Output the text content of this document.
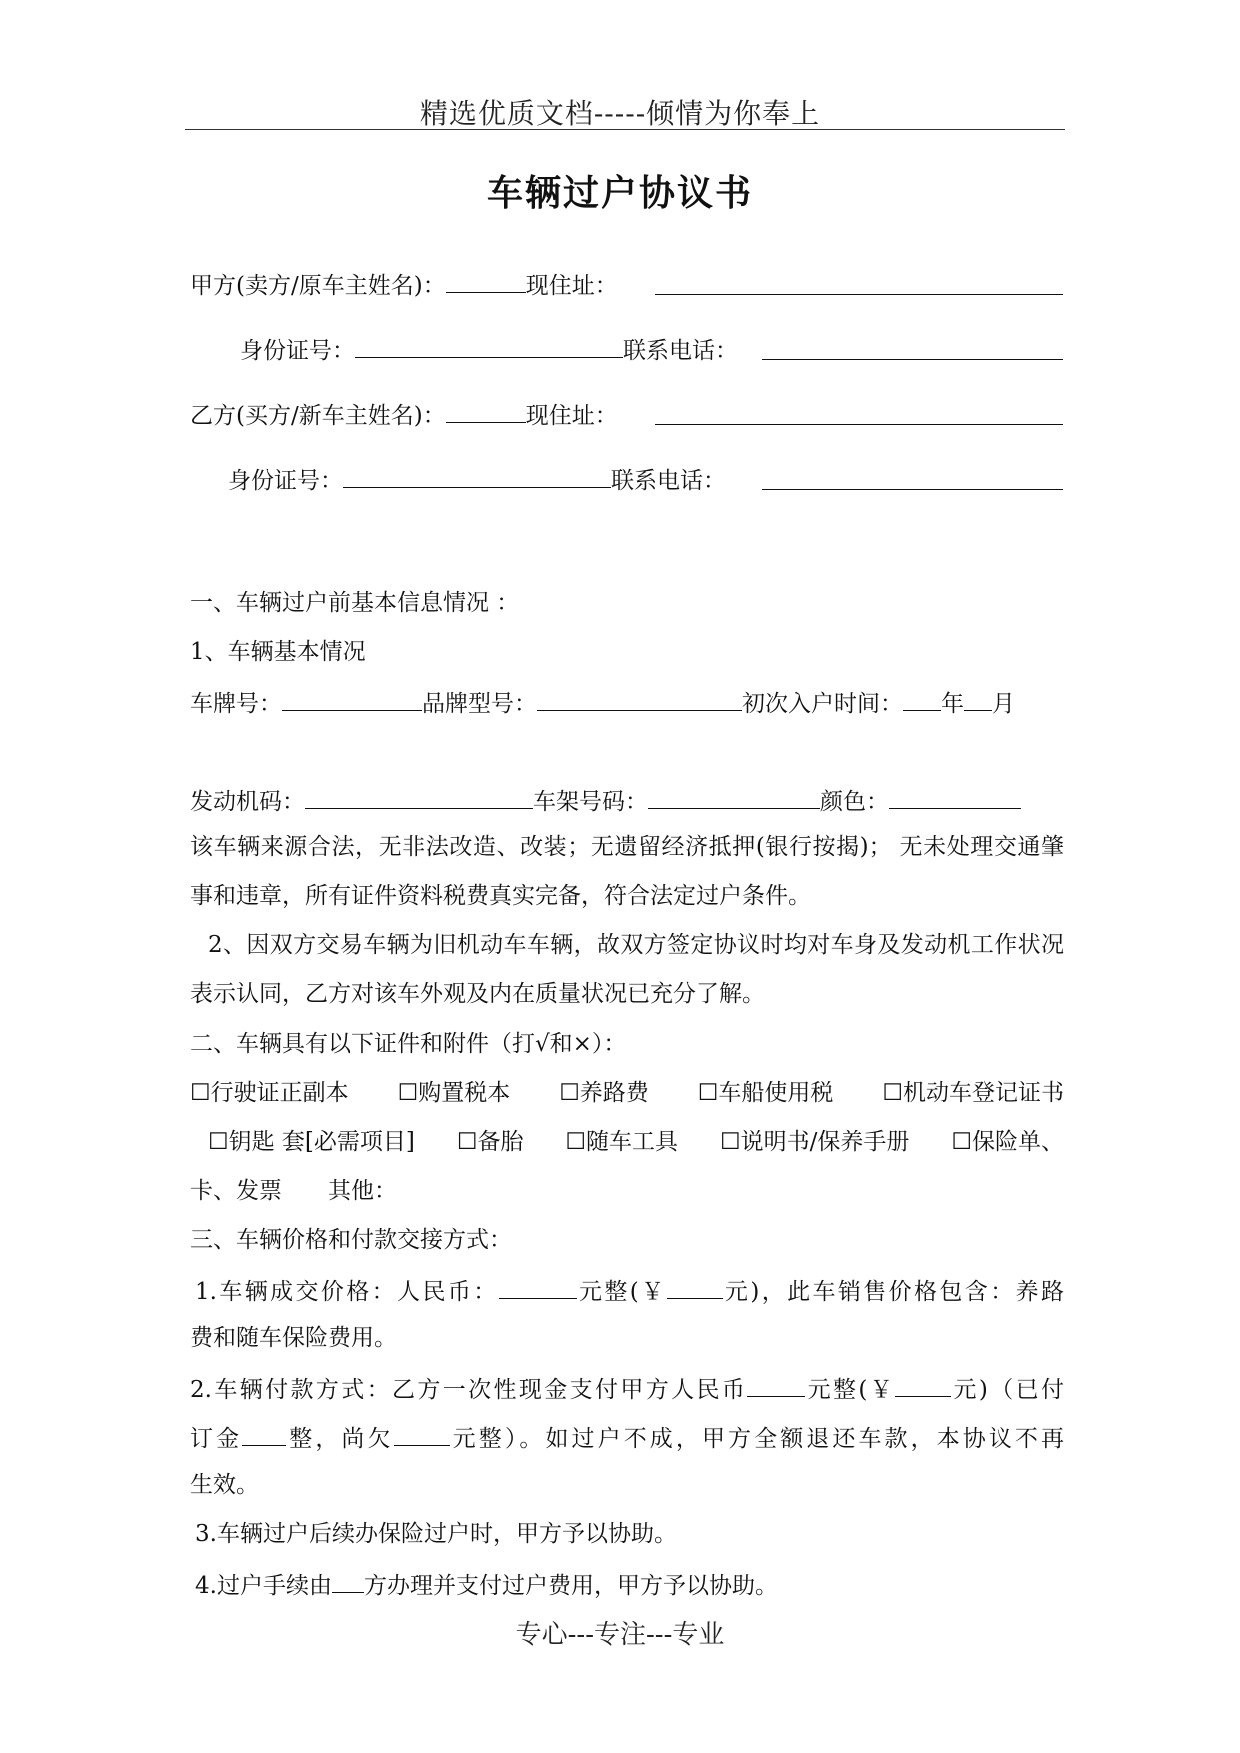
精选优质文档-----倾情为你奉上
车辆过户协议书
甲方(卖方/原车主姓名)：	现住址：
身份证号：	联系电话：
乙方(买方/新车主姓名)：	现住址：
身份证号：	联系电话：
一、车辆过户前基本信息情况 ：
1、车辆基本情况
车牌号：	品牌型号：	初次入户时间： 年 月
发动机码：	车架号码：	颜色：
该车辆来源合法，无非法改造、改装；无遗留经济抵押(银行按揭)； 无未处理交通肇事和违章，所有证件资料税费真实完备，符合法定过户条件。
2、因双方交易车辆为旧机动车车辆，故双方签定协议时均对车身及发动机工作状况表示认同，乙方对该车外观及内在质量状况已充分了解。
二、车辆具有以下证件和附件（打√和×）：
☐行驶证正副本 ☐购置税本 ☐养路费 ☐车船使用税 ☐机动车登记证书
☐钥匙 套[必需项目] ☐备胎 ☐随车工具 ☐说明书/保养手册 ☐保险单、
卡、发票 其他：
三、车辆价格和付款交接方式：
1.车辆成交价格：人民币：	元整(￥ 元)，此车销售价格包含：养路
费和随车保险费用。
2.车辆付款方式：乙方一次性现金支付甲方人民币	元整(￥ 元)（已付
订金 整，尚欠 元整）。如过户不成，甲方全额退还车款，本协议不再
生效。
3.车辆过户后续办保险过户时，甲方予以协助。
4.过户手续由 方办理并支付过户费用，甲方予以协助。
专心---专注---专业
